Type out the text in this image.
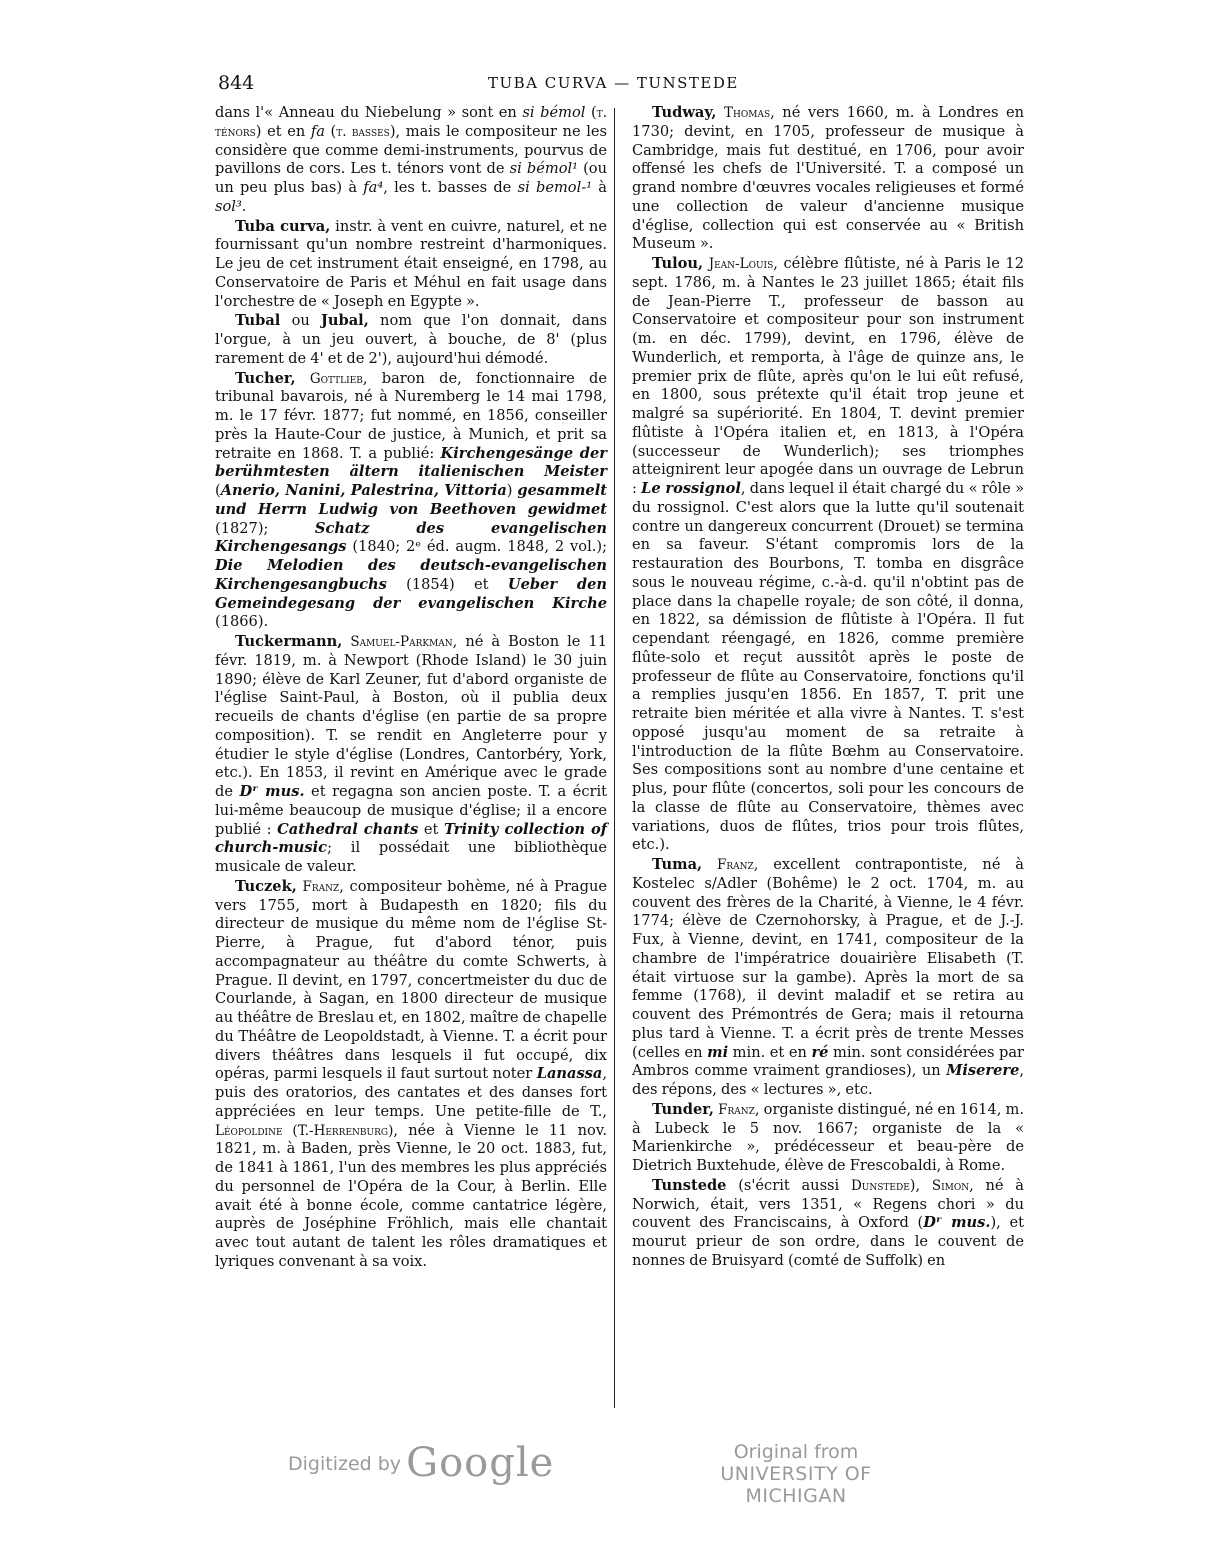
844	TUBA CURVA — TUNSTEDE

dans l'« Anneau du Niebelung » sont en si bémol (t. ténors) et en fa (t. basses), mais le compositeur ne les considère que comme demi-instruments, pourvus de pavillons de cors. Les t. ténors vont de si bémol¹ (ou un peu plus bas) à fa⁴, les t. basses de si bemol-¹ à sol³.

Tuba curva, instr. à vent en cuivre, naturel, et ne fournissant qu'un nombre restreint d'harmoniques. Le jeu de cet instrument était enseigné, en 1798, au Conservatoire de Paris et Méhul en fait usage dans l'orchestre de « Joseph en Egypte ».

Tubal ou Jubal, nom que l'on donnait, dans l'orgue, à un jeu ouvert, à bouche, de 8' (plus rarement de 4' et de 2'), aujourd'hui démodé.

Tucher, Gottlieb, baron de, fonctionnaire de tribunal bavarois, né à Nuremberg le 14 mai 1798, m. le 17 févr. 1877; fut nommé, en 1856, conseiller près la Haute-Cour de justice, à Munich, et prit sa retraite en 1868. T. a publié: Kirchengesänge der berühmtesten ältern italienischen Meister (Anerio, Nanini, Palestrina, Vittoria) gesammelt und Herrn Ludwig von Beethoven gewidmet (1827); Schatz des evangelischen Kirchengesangs (1840; 2ᵉ éd. augm. 1848, 2 vol.); Die Melodien des deutsch-evangelischen Kirchengesangbuchs (1854) et Ueber den Gemeindegesang der evangelischen Kirche (1866).

Tuckermann, Samuel-Parkman, né à Boston le 11 févr. 1819, m. à Newport (Rhode Island) le 30 juin 1890; élève de Karl Zeuner, fut d'abord organiste de l'église Saint-Paul, à Boston, où il publia deux recueils de chants d'église (en partie de sa propre composition). T. se rendit en Angleterre pour y étudier le style d'église (Londres, Cantorbéry, York, etc.). En 1853, il revint en Amérique avec le grade de Dʳ mus. et regagna son ancien poste. T. a écrit lui-même beaucoup de musique d'église; il a encore publié : Cathedral chants et Trinity collection of church-music; il possédait une bibliothèque musicale de valeur.

Tuczek, Franz, compositeur bohème, né à Prague vers 1755, mort à Budapesth en 1820; fils du directeur de musique du même nom de l'église St-Pierre, à Prague, fut d'abord ténor, puis accompagnateur au théâtre du comte Schwerts, à Prague. Il devint, en 1797, concertmeister du duc de Courlande, à Sagan, en 1800 directeur de musique au théâtre de Breslau et, en 1802, maître de chapelle du Théâtre de Leopoldstadt, à Vienne. T. a écrit pour divers théâtres dans lesquels il fut occupé, dix opéras, parmi lesquels il faut surtout noter Lanassa, puis des oratorios, des cantates et des danses fort appréciées en leur temps. Une petite-fille de T., Léopoldine (T.-Herrenburg), née à Vienne le 11 nov. 1821, m. à Baden, près Vienne, le 20 oct. 1883, fut, de 1841 à 1861, l'un des membres les plus appréciés du personnel de l'Opéra de la Cour, à Berlin. Elle avait été à bonne école, comme cantatrice légère, auprès de Joséphine Fröhlich, mais elle chantait avec tout autant de talent les rôles dramatiques et lyriques convenant à sa voix.

Tudway, Thomas, né vers 1660, m. à Londres en 1730; devint, en 1705, professeur de musique à Cambridge, mais fut destitué, en 1706, pour avoir offensé les chefs de l'Université. T. a composé un grand nombre d'œuvres vocales religieuses et formé une collection de valeur d'ancienne musique d'église, collection qui est conservée au « British Museum ».

Tulou, Jean-Louis, célèbre flûtiste, né à Paris le 12 sept. 1786, m. à Nantes le 23 juillet 1865; était fils de Jean-Pierre T., professeur de basson au Conservatoire et compositeur pour son instrument (m. en déc. 1799), devint, en 1796, élève de Wunderlich, et remporta, à l'âge de quinze ans, le premier prix de flûte, après qu'on le lui eût refusé, en 1800, sous prétexte qu'il était trop jeune et malgré sa supériorité. En 1804, T. devint premier flûtiste à l'Opéra italien et, en 1813, à l'Opéra (successeur de Wunderlich); ses triomphes atteignirent leur apogée dans un ouvrage de Lebrun : Le rossignol, dans lequel il était chargé du « rôle » du rossignol. C'est alors que la lutte qu'il soutenait contre un dangereux concurrent (Drouet) se termina en sa faveur. S'étant compromis lors de la restauration des Bourbons, T. tomba en disgrâce sous le nouveau régime, c.-à-d. qu'il n'obtint pas de place dans la chapelle royale; de son côté, il donna, en 1822, sa démission de flûtiste à l'Opéra. Il fut cependant réengagé, en 1826, comme première flûte-solo et reçut aussitôt après le poste de professeur de flûte au Conservatoire, fonctions qu'il a remplies jusqu'en 1856. En 1857, T. prit une retraite bien méritée et alla vivre à Nantes. T. s'est opposé jusqu'au moment de sa retraite à l'introduction de la flûte Bœhm au Conservatoire. Ses compositions sont au nombre d'une centaine et plus, pour flûte (concertos, soli pour les concours de la classe de flûte au Conservatoire, thèmes avec variations, duos de flûtes, trios pour trois flûtes, etc.).

Tuma, Franz, excellent contrapontiste, né à Kostelec s/Adler (Bohême) le 2 oct. 1704, m. au couvent des frères de la Charité, à Vienne, le 4 févr. 1774; élève de Czernohorsky, à Prague, et de J.-J. Fux, à Vienne, devint, en 1741, compositeur de la chambre de l'impératrice douairière Elisabeth (T. était virtuose sur la gambe). Après la mort de sa femme (1768), il devint maladif et se retira au couvent des Prémontrés de Gera; mais il retourna plus tard à Vienne. T. a écrit près de trente Messes (celles en mi min. et en ré min. sont considérées par Ambros comme vraiment grandioses), un Miserere, des répons, des « lectures », etc.

Tunder, Franz, organiste distingué, né en 1614, m. à Lubeck le 5 nov. 1667; organiste de la « Marienkirche », prédécesseur et beau-père de Dietrich Buxtehude, élève de Frescobaldi, à Rome.

Tunstede (s'écrit aussi Dunstede), Simon, né à Norwich, était, vers 1351, « Regens chori » du couvent des Franciscains, à Oxford (Dʳ mus.), et mourut prieur de son ordre, dans le couvent de nonnes de Bruisyard (comté de Suffolk) en

Digitized by Google	Original from
UNIVERSITY OF MICHIGAN
